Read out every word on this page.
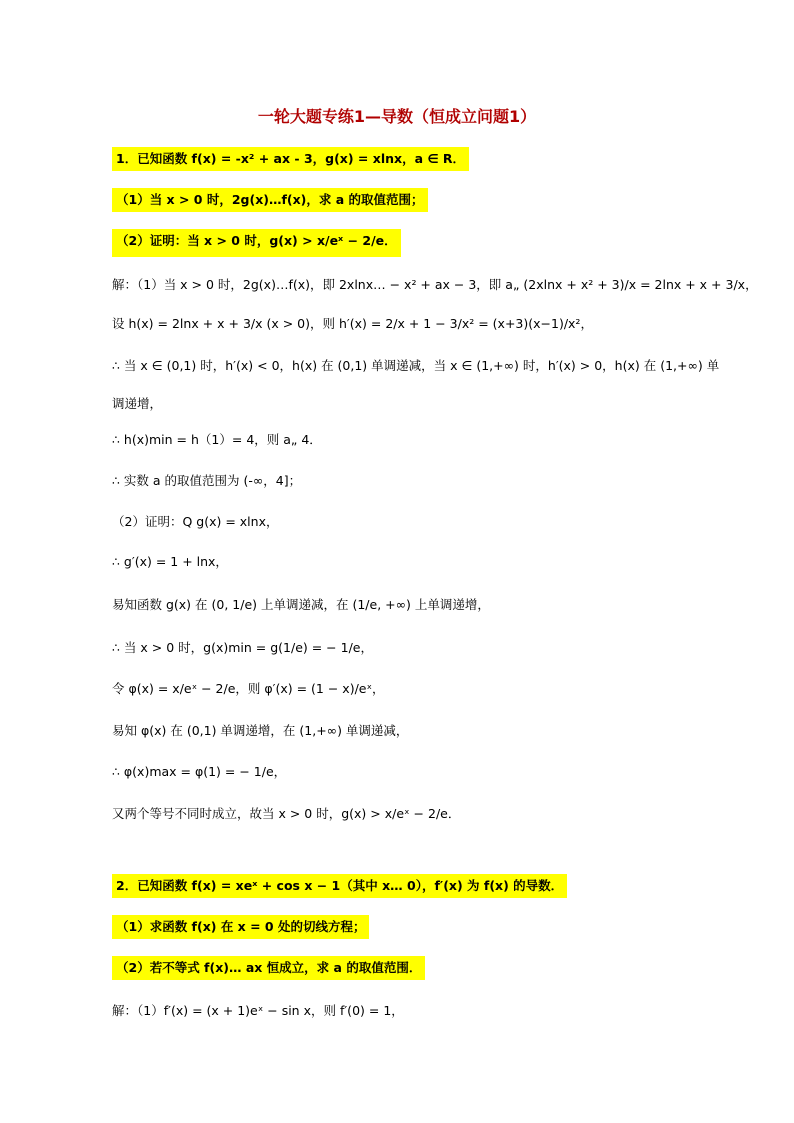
一轮大题专练1—导数（恒成立问题1）
1．已知函数 f(x) = -x² + ax - 3，g(x) = xlnx，a ∈ R．
（1）当 x > 0 时，2g(x)…f(x)，求 a 的取值范围；
（2）证明：当 x > 0 时，g(x) > x/eˣ − 2/e．
解：（1）当 x > 0 时，2g(x)…f(x)，即 2xlnx… − x² + ax − 3，即 a„ (2xlnx + x² + 3)/x = 2lnx + x + 3/x，
设 h(x) = 2lnx + x + 3/x (x > 0)，则 h′(x) = 2/x + 1 − 3/x² = (x+3)(x−1)/x²，
∴ 当 x ∈ (0,1) 时，h′(x) < 0，h(x) 在 (0,1) 单调递减，当 x ∈ (1,+∞) 时，h′(x) > 0，h(x) 在 (1,+∞) 单
调递增，
∴ h(x)min = h（1）= 4，则 a„ 4．
∴ 实数 a 的取值范围为 (-∞，4]；
（2）证明：Q g(x) = xlnx，
∴ g′(x) = 1 + lnx，
易知函数 g(x) 在 (0, 1/e) 上单调递减，在 (1/e, +∞) 上单调递增，
∴ 当 x > 0 时，g(x)min = g(1/e) = − 1/e，
令 φ(x) = x/eˣ − 2/e，则 φ′(x) = (1 − x)/eˣ，
易知 φ(x) 在 (0,1) 单调递增，在 (1,+∞) 单调递减，
∴ φ(x)max = φ(1) = − 1/e，
又两个等号不同时成立，故当 x > 0 时，g(x) > x/eˣ − 2/e．
2．已知函数 f(x) = xeˣ + cos x − 1（其中 x… 0），f′(x) 为 f(x) 的导数．
（1）求函数 f(x) 在 x = 0 处的切线方程；
（2）若不等式 f(x)… ax 恒成立，求 a 的取值范围．
解：（1）f′(x) = (x + 1)eˣ − sin x，则 f′(0) = 1，
